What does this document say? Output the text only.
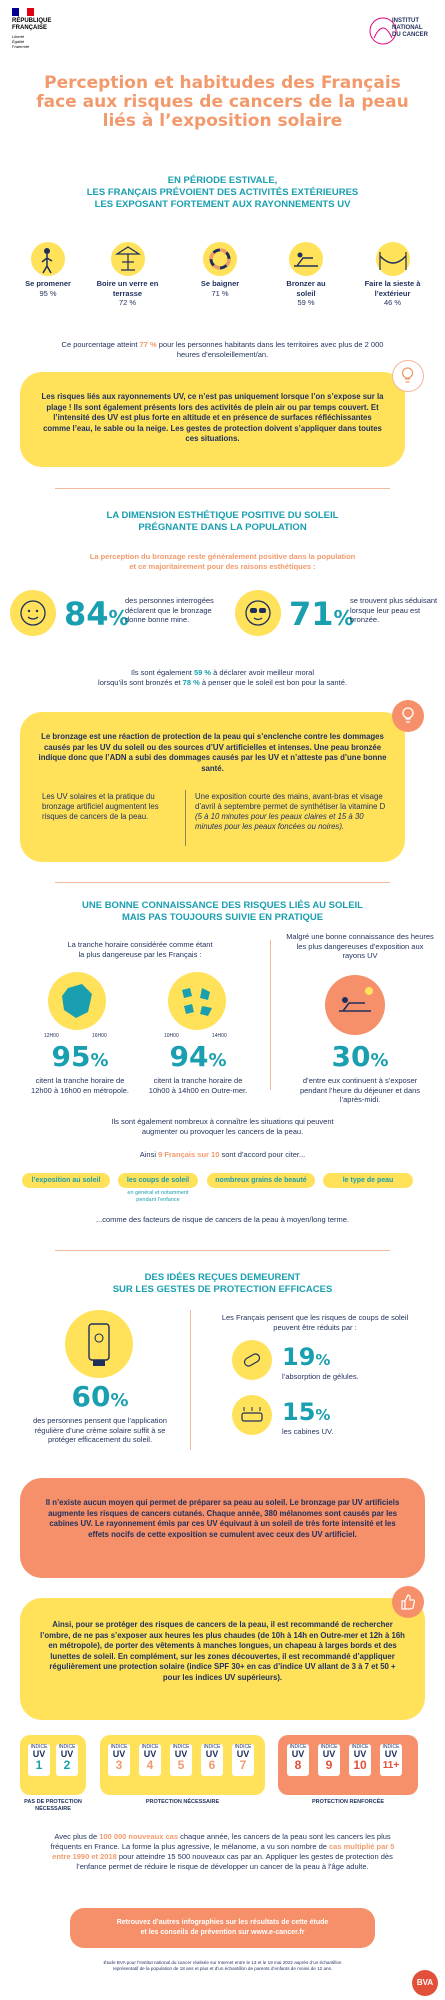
RÉPUBLIQUE
FRANÇAISE
Liberté
Égalité
Fraternité
INSTITUT
NATIONAL
DU CANCER
Perception et habitudes des Français
face aux risques de cancers de la peau
liés à l’exposition solaire
EN PÉRIODE ESTIVALE,
LES FRANÇAIS PRÉVOIENT DES ACTIVITÉS EXTÉRIEURES
LES EXPOSANT FORTEMENT AUX RAYONNEMENTS UV
Se promener
95 %
Boire un verre en terrasse
72 %
Se baigner
71 %
Bronzer au soleil
59 %
Faire la sieste à l’extérieur
46 %
Ce pourcentage atteint 77 % pour les personnes habitants dans les territoires avec plus de 2 000 heures d’ensoleillement/an.
Les risques liés aux rayonnements UV, ce n’est pas uniquement lorsque l’on s’expose sur la plage ! Ils sont également présents lors des activités de plein air ou par temps couvert. Et l’intensité des UV est plus forte en altitude et en présence de surfaces réfléchissantes comme l’eau, le sable ou la neige. Les gestes de protection doivent s’appliquer dans toutes ces situations.
LA DIMENSION ESTHÉTIQUE POSITIVE DU SOLEIL
PRÉGNANTE DANS LA POPULATION
La perception du bronzage reste généralement positive dans la population
et ce majoritairement pour des raisons esthétiques :
84%
des personnes interrogées déclarent que le bronzage donne bonne mine.	71%
se trouvent plus séduisant lorsque leur peau est bronzée.
Ils sont également 59 % à déclarer avoir meilleur moral
lorsqu’ils sont bronzés et 78 % à penser que le soleil est bon pour la santé.
Le bronzage est une réaction de protection de la peau qui s’enclenche contre les dommages causés par les UV du soleil ou des sources d’UV artificielles et intenses. Une peau bronzée indique donc que l’ADN a subi des dommages causés par les UV et n’atteste pas d’une bonne santé.
Les UV solaires et la pratique du bronzage artificiel augmentent les risques de cancers de la peau.
Une exposition courte des mains, avant-bras et visage d’avril à septembre permet de synthétiser la vitamine D (5 à 10 minutes pour les peaux claires et 15 à 30 minutes pour les peaux foncées ou noires).
UNE BONNE CONNAISSANCE DES RISQUES LIÉS AU SOLEIL
MAIS PAS TOUJOURS SUIVIE EN PRATIQUE
La tranche horaire considérée comme étant
la plus dangereuse par les Français :
12H00	16H00	10H00	14H00
95%
citent la tranche horaire de 12h00 à 16h00 en métropole.
94%
citent la tranche horaire de 10h00 à 14h00 en Outre-mer.
Malgré une bonne connaissance des heures les plus dangereuses d’exposition aux rayons UV
30%
d’entre eux continuent à s’exposer pendant l’heure du déjeuner et dans l’après-midi.
Ils sont également nombreux à connaître les situations qui peuvent
augmenter ou provoquer les cancers de la peau.
Ainsi 9 Français sur 10 sont d’accord pour citer...
l’exposition au soleil	les coups de soleil	nombreux grains de beauté	le type de peau
en général et notamment
pendant l’enfance
...comme des facteurs de risque de cancers de la peau à moyen/long terme.
DES IDÉES REÇUES DEMEURENT
SUR LES GESTES DE PROTECTION EFFICACES
60%
des personnes pensent que l’application régulière d’une crème solaire suffit à se protéger efficacement du soleil.
Les Français pensent que les risques de coups de soleil peuvent être réduits par :
19%
l’absorption de gélules.
15%
les cabines UV.
Il n’existe aucun moyen qui permet de préparer sa peau au soleil. Le bronzage par UV artificiels augmente les risques de cancers cutanés. Chaque année, 380 mélanomes sont causés par les cabines UV. Le rayonnement émis par ces UV équivaut à un soleil de très forte intensité et les effets nocifs de cette exposition se cumulent avec ceux des UV artificiel.
Ainsi, pour se protéger des risques de cancers de la peau, il est recommandé de rechercher l’ombre, de ne pas s’exposer aux heures les plus chaudes (de 10h à 14h en Outre-mer et 12h à 16h en métropole), de porter des vêtements à manches longues, un chapeau à larges bords et des lunettes de soleil. En complément, sur les zones découvertes, il est recommandé d’appliquer régulièrement une protection solaire (indice SPF 30+ en cas d’indice UV allant de 3 à 7 et 50 + pour les indices UV supérieurs).
INDICE
UV
1
INDICE
UV
2
INDICE
UV
3
INDICE
UV
4
INDICE
UV
5
INDICE
UV
6
INDICE
UV
7
INDICE
UV
8
INDICE
UV
9
INDICE
UV
10
INDICE
UV
11+
PAS DE PROTECTION
NÉCESSAIRE
PROTECTION NÉCESSAIRE	PROTECTION RENFORCÉE
Avec plus de 100 000 nouveaux cas chaque année, les cancers de la peau sont les cancers les plus fréquents en France. La forme la plus agressive, le mélanome, a vu son nombre de cas multiplié par 5 entre 1990 et 2018 pour atteindre 15 500 nouveaux cas par an. Appliquer les gestes de protection dès l’enfance permet de réduire le risque de développer un cancer de la peau à l’âge adulte.
Retrouvez d’autres infographies sur les résultats de cette étude
et les conseils de prévention sur www.e-cancer.fr
Étude BVA pour l’Institut national du cancer réalisée sur Internet entre le 13 et le 18 mai 2022 auprès d’un échantillon
représentatif de la population de 18 ans et plus et d’un échantillon de parents d’enfants de moins de 12 ans.
BVA
